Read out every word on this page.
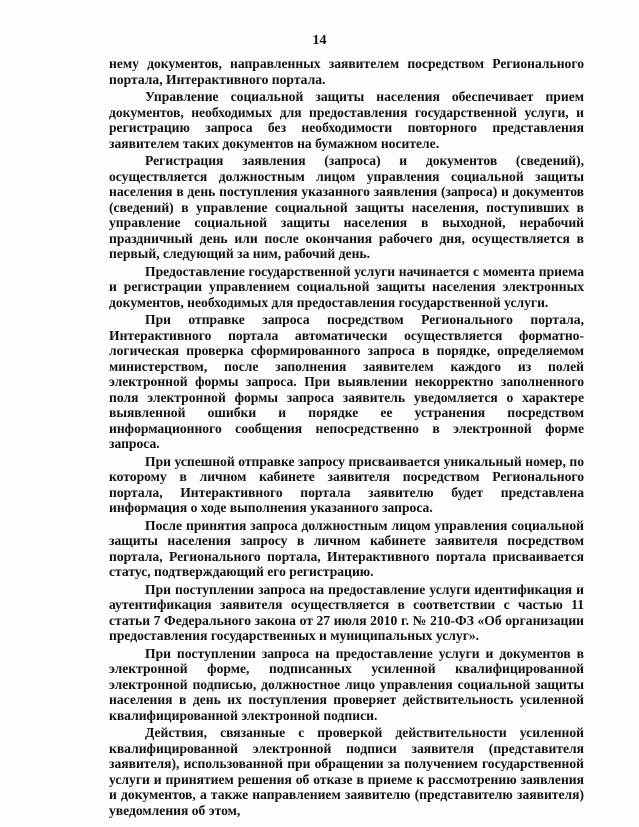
14

нему документов, направленных заявителем посредством Регионального портала, Интерактивного портала.

Управление социальной защиты населения обеспечивает прием документов, необходимых для предоставления государственной услуги, и регистрацию запроса без необходимости повторного представления заявителем таких документов на бумажном носителе.

Регистрация заявления (запроса) и документов (сведений), осуществляется должностным лицом управления социальной защиты населения в день поступления указанного заявления (запроса) и документов (сведений) в управление социальной защиты населения, поступивших в управление социальной защиты населения в выходной, нерабочий праздничный день или после окончания рабочего дня, осуществляется в первый, следующий за ним, рабочий день.

Предоставление государственной услуги начинается с момента приема и регистрации управлением социальной защиты населения электронных документов, необходимых для предоставления государственной услуги.

При отправке запроса посредством Регионального портала, Интерактивного портала автоматически осуществляется форматно-логическая проверка сформированного запроса в порядке, определяемом министерством, после заполнения заявителем каждого из полей электронной формы запроса. При выявлении некорректно заполненного поля электронной формы запроса заявитель уведомляется о характере выявленной ошибки и порядке ее устранения посредством информационного сообщения непосредственно в электронной форме запроса.

При успешной отправке запросу присваивается уникальный номер, по которому в личном кабинете заявителя посредством Регионального портала, Интерактивного портала заявителю будет представлена информация о ходе выполнения указанного запроса.

После принятия запроса должностным лицом управления социальной защиты населения запросу в личном кабинете заявителя посредством портала, Регионального портала, Интерактивного портала присваивается статус, подтверждающий его регистрацию.

При поступлении запроса на предоставление услуги идентификация и аутентификация заявителя осуществляется в соответствии с частью 11 статьи 7 Федерального закона от 27 июля 2010 г. № 210-ФЗ «Об организации предоставления государственных и муниципальных услуг».

При поступлении запроса на предоставление услуги и документов в электронной форме, подписанных усиленной квалифицированной электронной подписью, должностное лицо управления социальной защиты населения в день их поступления проверяет действительность усиленной квалифицированной электронной подписи.

Действия, связанные с проверкой действительности усиленной квалифицированной электронной подписи заявителя (представителя заявителя), использованной при обращении за получением государственной услуги и принятием решения об отказе в приеме к рассмотрению заявления и документов, а также направлением заявителю (представителю заявителя) уведомления об этом,
